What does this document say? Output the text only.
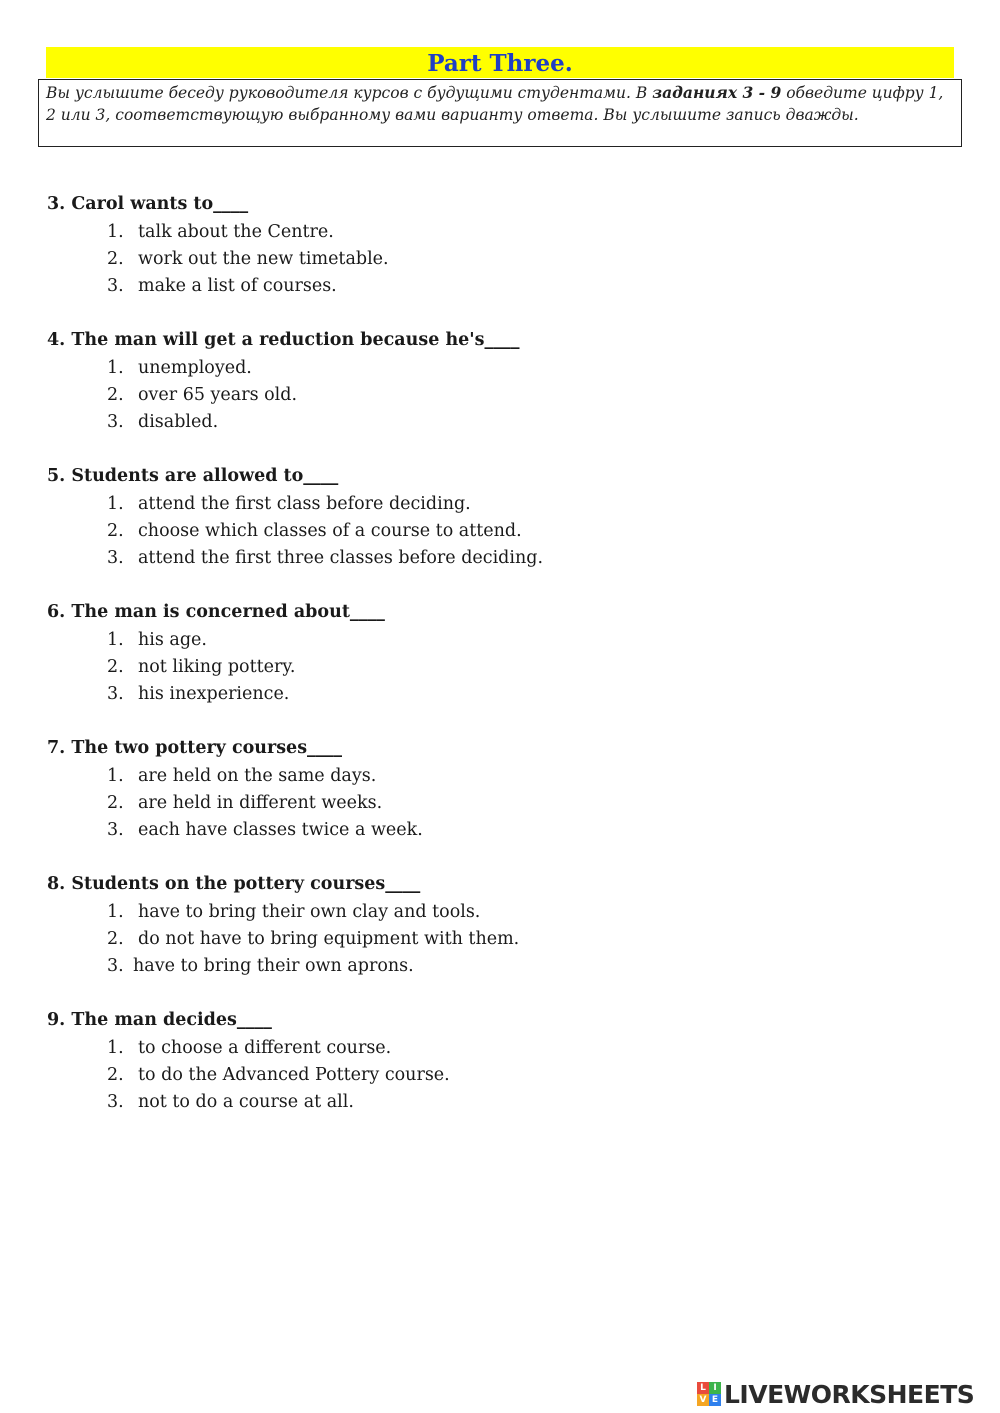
Part Three.
Вы услышите беседу руководителя курсов с будущими студентами. В заданиях 3 - 9 обведите цифру 1, 2 или 3, соответствующую выбранному вами варианту ответа. Вы услышите запись дважды.
3. Carol wants to____
1. talk about the Centre.
2. work out the new timetable.
3. make a list of courses.
4. The man will get a reduction because he's____
1. unemployed.
2. over 65 years old.
3. disabled.
5. Students are allowed to____
1. attend the first class before deciding.
2. choose which classes of a course to attend.
3. attend the first three classes before deciding.
6. The man is concerned about____
1. his age.
2. not liking pottery.
3. his inexperience.
7. The two pottery courses____
1. are held on the same days.
2. are held in different weeks.
3. each have classes twice a week.
8. Students on the pottery courses____
1. have to bring their own clay and tools.
2. do not have to bring equipment with them.
3. have to bring their own aprons.
9. The man decides____
1. to choose a different course.
2. to do the Advanced Pottery course.
3. not to do a course at all.
L I
V E LIVEWORKSHEETS
